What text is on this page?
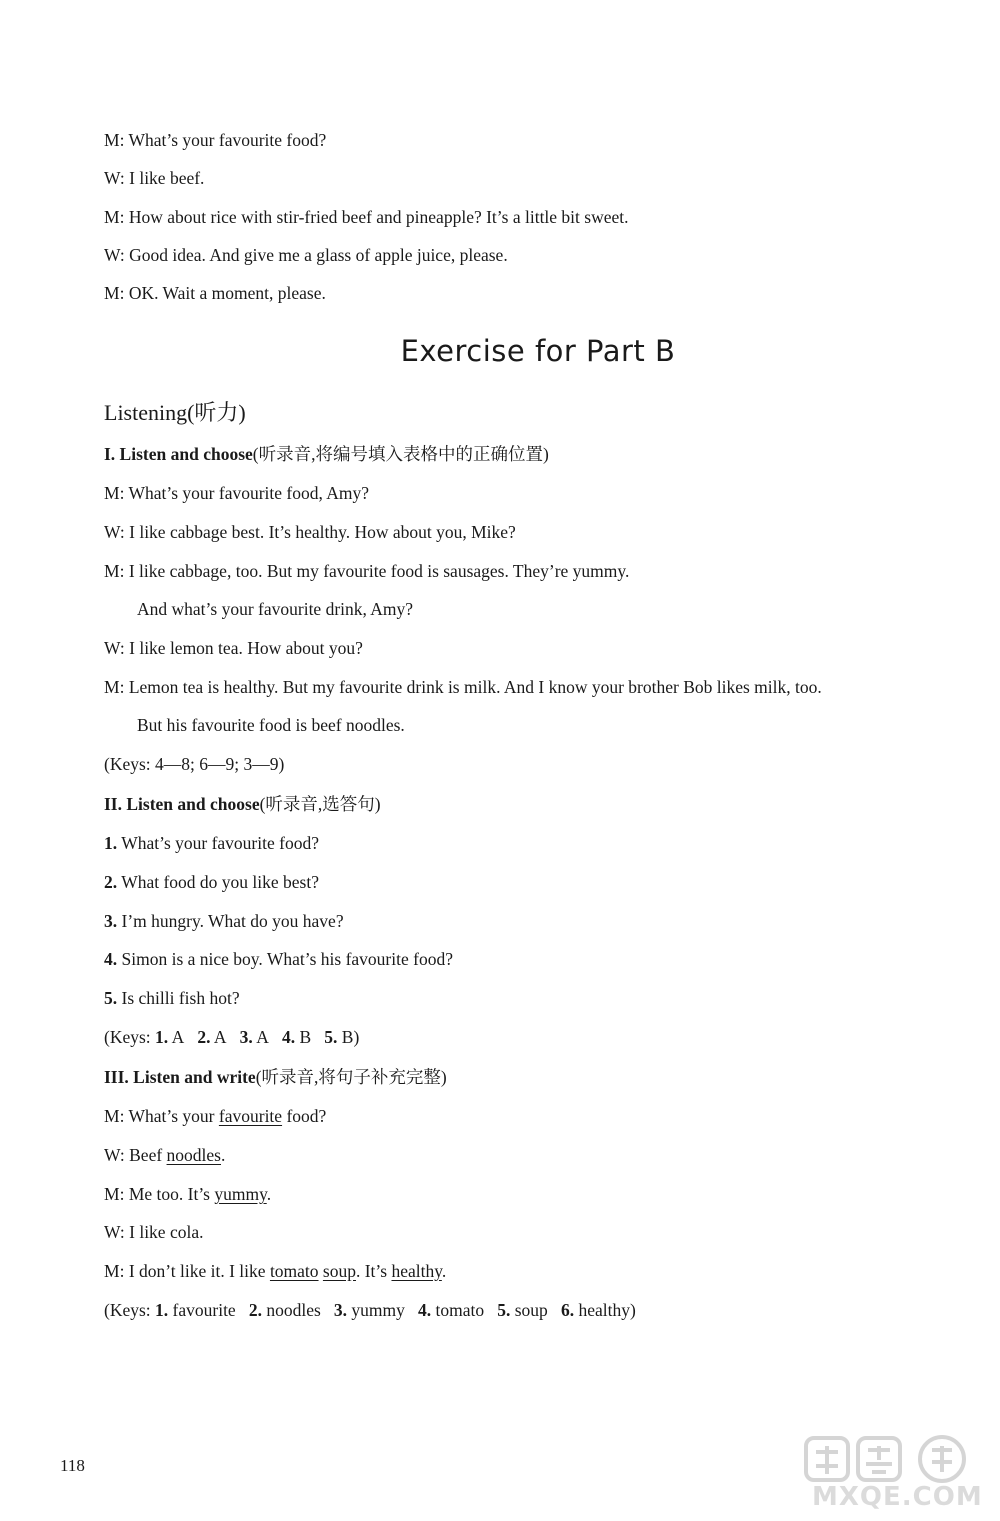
M: What’s your favourite food?
W: I like beef.
M: How about rice with stir-fried beef and pineapple? It’s a little bit sweet.
W: Good idea. And give me a glass of apple juice, please.
M: OK. Wait a moment, please.
Exercise for Part B
Listening(听力)
I. Listen and choose(听录音,将编号填入表格中的正确位置)
M: What’s your favourite food, Amy?
W: I like cabbage best. It’s healthy. How about you, Mike?
M: I like cabbage, too. But my favourite food is sausages. They’re yummy.
And what’s your favourite drink, Amy?
W: I like lemon tea. How about you?
M: Lemon tea is healthy. But my favourite drink is milk. And I know your brother Bob likes milk, too.
But his favourite food is beef noodles.
(Keys: 4—8; 6—9; 3—9)
II. Listen and choose(听录音,选答句)
1. What’s your favourite food?
2. What food do you like best?
3. I’m hungry. What do you have?
4. Simon is a nice boy. What’s his favourite food?
5. Is chilli fish hot?
(Keys: 1. A 2. A 3. A 4. B 5. B)
III. Listen and write(听录音,将句子补充完整)
M: What’s your favourite food?
W: Beef noodles.
M: Me too. It’s yummy.
W: I like cola.
M: I don’t like it. I like tomato soup. It’s healthy.
(Keys: 1. favourite 2. noodles 3. yummy 4. tomato 5. soup 6. healthy)
118
MXQE.COM
